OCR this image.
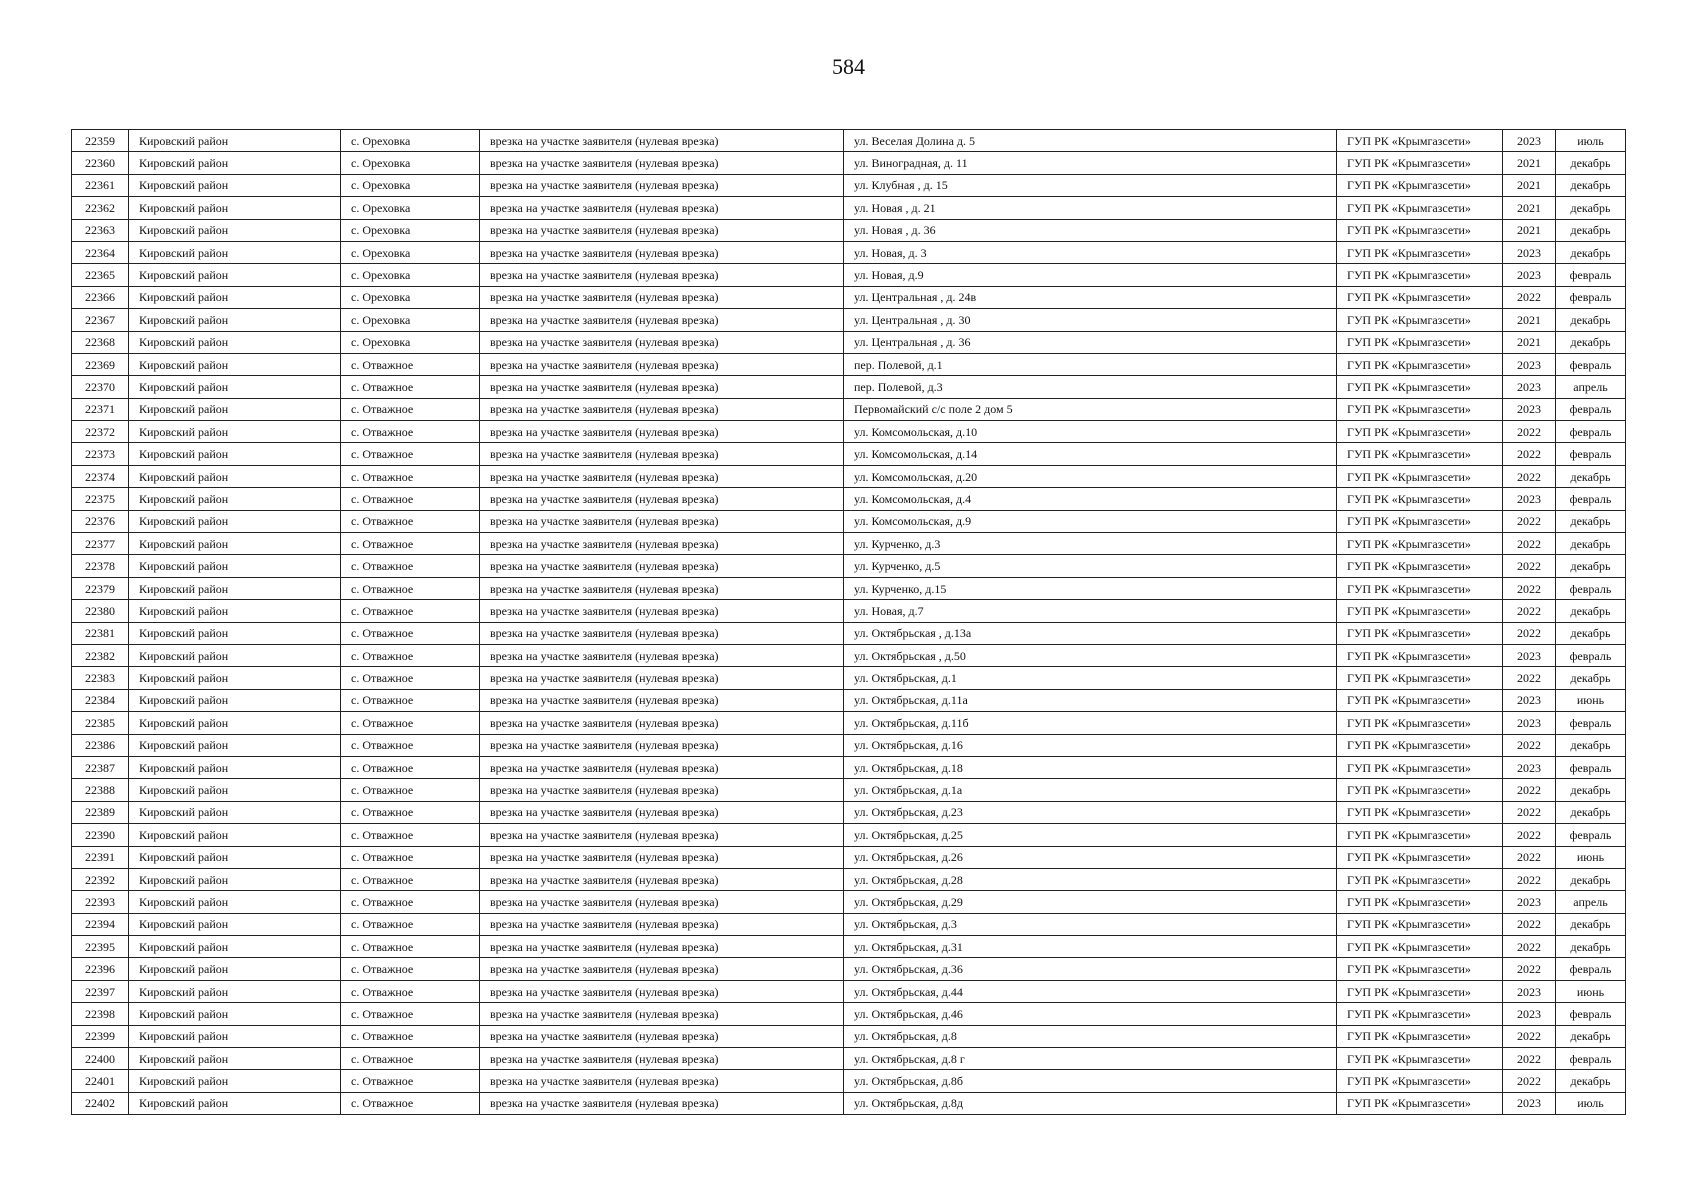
584
22359	Кировский район	с. Ореховка	врезка на участке заявителя (нулевая врезка)	ул. Веселая Долина д. 5	ГУП РК «Крымгазсети»	2023	июль
22360	Кировский район	с. Ореховка	врезка на участке заявителя (нулевая врезка)	ул. Виноградная, д. 11	ГУП РК «Крымгазсети»	2021	декабрь
22361	Кировский район	с. Ореховка	врезка на участке заявителя (нулевая врезка)	ул. Клубная , д. 15	ГУП РК «Крымгазсети»	2021	декабрь
22362	Кировский район	с. Ореховка	врезка на участке заявителя (нулевая врезка)	ул. Новая , д. 21	ГУП РК «Крымгазсети»	2021	декабрь
22363	Кировский район	с. Ореховка	врезка на участке заявителя (нулевая врезка)	ул. Новая , д. 36	ГУП РК «Крымгазсети»	2021	декабрь
22364	Кировский район	с. Ореховка	врезка на участке заявителя (нулевая врезка)	ул. Новая, д. 3	ГУП РК «Крымгазсети»	2023	декабрь
22365	Кировский район	с. Ореховка	врезка на участке заявителя (нулевая врезка)	ул. Новая, д.9	ГУП РК «Крымгазсети»	2023	февраль
22366	Кировский район	с. Ореховка	врезка на участке заявителя (нулевая врезка)	ул. Центральная , д. 24в	ГУП РК «Крымгазсети»	2022	февраль
22367	Кировский район	с. Ореховка	врезка на участке заявителя (нулевая врезка)	ул. Центральная , д. 30	ГУП РК «Крымгазсети»	2021	декабрь
22368	Кировский район	с. Ореховка	врезка на участке заявителя (нулевая врезка)	ул. Центральная , д. 36	ГУП РК «Крымгазсети»	2021	декабрь
22369	Кировский район	с. Отважное	врезка на участке заявителя (нулевая врезка)	пер. Полевой, д.1	ГУП РК «Крымгазсети»	2023	февраль
22370	Кировский район	с. Отважное	врезка на участке заявителя (нулевая врезка)	пер. Полевой, д.3	ГУП РК «Крымгазсети»	2023	апрель
22371	Кировский район	с. Отважное	врезка на участке заявителя (нулевая врезка)	Первомайский с/с поле 2 дом 5	ГУП РК «Крымгазсети»	2023	февраль
22372	Кировский район	с. Отважное	врезка на участке заявителя (нулевая врезка)	ул. Комсомольская, д.10	ГУП РК «Крымгазсети»	2022	февраль
22373	Кировский район	с. Отважное	врезка на участке заявителя (нулевая врезка)	ул. Комсомольская, д.14	ГУП РК «Крымгазсети»	2022	февраль
22374	Кировский район	с. Отважное	врезка на участке заявителя (нулевая врезка)	ул. Комсомольская, д.20	ГУП РК «Крымгазсети»	2022	декабрь
22375	Кировский район	с. Отважное	врезка на участке заявителя (нулевая врезка)	ул. Комсомольская, д.4	ГУП РК «Крымгазсети»	2023	февраль
22376	Кировский район	с. Отважное	врезка на участке заявителя (нулевая врезка)	ул. Комсомольская, д.9	ГУП РК «Крымгазсети»	2022	декабрь
22377	Кировский район	с. Отважное	врезка на участке заявителя (нулевая врезка)	ул. Курченко, д.3	ГУП РК «Крымгазсети»	2022	декабрь
22378	Кировский район	с. Отважное	врезка на участке заявителя (нулевая врезка)	ул. Курченко, д.5	ГУП РК «Крымгазсети»	2022	декабрь
22379	Кировский район	с. Отважное	врезка на участке заявителя (нулевая врезка)	ул. Курченко, д.15	ГУП РК «Крымгазсети»	2022	февраль
22380	Кировский район	с. Отважное	врезка на участке заявителя (нулевая врезка)	ул. Новая, д.7	ГУП РК «Крымгазсети»	2022	декабрь
22381	Кировский район	с. Отважное	врезка на участке заявителя (нулевая врезка)	ул. Октябрьская , д.13а	ГУП РК «Крымгазсети»	2022	декабрь
22382	Кировский район	с. Отважное	врезка на участке заявителя (нулевая врезка)	ул. Октябрьская , д.50	ГУП РК «Крымгазсети»	2023	февраль
22383	Кировский район	с. Отважное	врезка на участке заявителя (нулевая врезка)	ул. Октябрьская, д.1	ГУП РК «Крымгазсети»	2022	декабрь
22384	Кировский район	с. Отважное	врезка на участке заявителя (нулевая врезка)	ул. Октябрьская, д.11а	ГУП РК «Крымгазсети»	2023	июнь
22385	Кировский район	с. Отважное	врезка на участке заявителя (нулевая врезка)	ул. Октябрьская, д.11б	ГУП РК «Крымгазсети»	2023	февраль
22386	Кировский район	с. Отважное	врезка на участке заявителя (нулевая врезка)	ул. Октябрьская, д.16	ГУП РК «Крымгазсети»	2022	декабрь
22387	Кировский район	с. Отважное	врезка на участке заявителя (нулевая врезка)	ул. Октябрьская, д.18	ГУП РК «Крымгазсети»	2023	февраль
22388	Кировский район	с. Отважное	врезка на участке заявителя (нулевая врезка)	ул. Октябрьская, д.1а	ГУП РК «Крымгазсети»	2022	декабрь
22389	Кировский район	с. Отважное	врезка на участке заявителя (нулевая врезка)	ул. Октябрьская, д.23	ГУП РК «Крымгазсети»	2022	декабрь
22390	Кировский район	с. Отважное	врезка на участке заявителя (нулевая врезка)	ул. Октябрьская, д.25	ГУП РК «Крымгазсети»	2022	февраль
22391	Кировский район	с. Отважное	врезка на участке заявителя (нулевая врезка)	ул. Октябрьская, д.26	ГУП РК «Крымгазсети»	2022	июнь
22392	Кировский район	с. Отважное	врезка на участке заявителя (нулевая врезка)	ул. Октябрьская, д.28	ГУП РК «Крымгазсети»	2022	декабрь
22393	Кировский район	с. Отважное	врезка на участке заявителя (нулевая врезка)	ул. Октябрьская, д.29	ГУП РК «Крымгазсети»	2023	апрель
22394	Кировский район	с. Отважное	врезка на участке заявителя (нулевая врезка)	ул. Октябрьская, д.3	ГУП РК «Крымгазсети»	2022	декабрь
22395	Кировский район	с. Отважное	врезка на участке заявителя (нулевая врезка)	ул. Октябрьская, д.31	ГУП РК «Крымгазсети»	2022	декабрь
22396	Кировский район	с. Отважное	врезка на участке заявителя (нулевая врезка)	ул. Октябрьская, д.36	ГУП РК «Крымгазсети»	2022	февраль
22397	Кировский район	с. Отважное	врезка на участке заявителя (нулевая врезка)	ул. Октябрьская, д.44	ГУП РК «Крымгазсети»	2023	июнь
22398	Кировский район	с. Отважное	врезка на участке заявителя (нулевая врезка)	ул. Октябрьская, д.46	ГУП РК «Крымгазсети»	2023	февраль
22399	Кировский район	с. Отважное	врезка на участке заявителя (нулевая врезка)	ул. Октябрьская, д.8	ГУП РК «Крымгазсети»	2022	декабрь
22400	Кировский район	с. Отважное	врезка на участке заявителя (нулевая врезка)	ул. Октябрьская, д.8 г	ГУП РК «Крымгазсети»	2022	февраль
22401	Кировский район	с. Отважное	врезка на участке заявителя (нулевая врезка)	ул. Октябрьская, д.8б	ГУП РК «Крымгазсети»	2022	декабрь
22402	Кировский район	с. Отважное	врезка на участке заявителя (нулевая врезка)	ул. Октябрьская, д.8д	ГУП РК «Крымгазсети»	2023	июль
